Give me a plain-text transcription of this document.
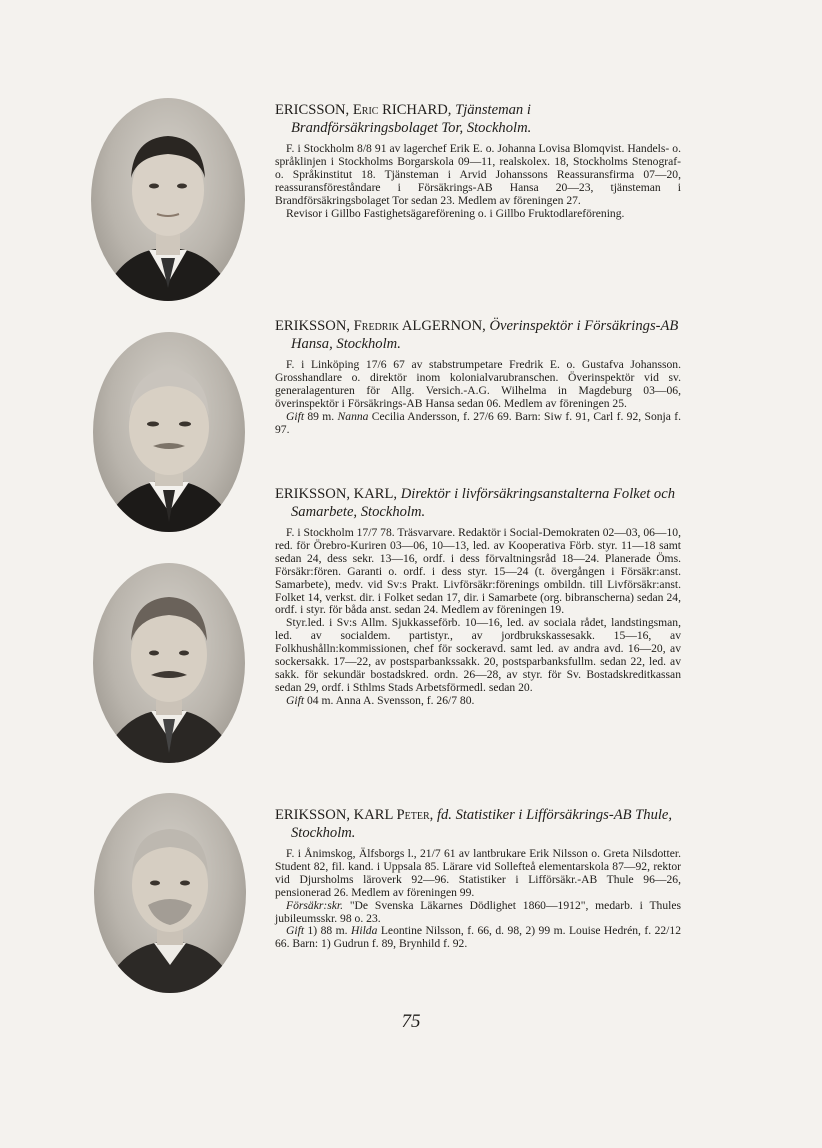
ERICSSON, Eric RICHARD, Tjänsteman i Brandförsäkringsbolaget Tor, Stockholm.

F. i Stockholm 8/8 91 av lagerchef Erik E. o. Johanna Lovisa Blomqvist. Handels- o. språklinjen i Stockholms Borgarskola 09—11, realskolex. 18, Stockholms Stenograf- o. Språkinstitut 18. Tjänsteman i Arvid Johanssons Reassuransfirma 07—20, reassuransföreståndare i Försäkrings-AB Hansa 20—23, tjänsteman i Brandförsäkringsbolaget Tor sedan 23. Medlem av föreningen 27.

Revisor i Gillbo Fastighetsägareförening o. i Gillbo Fruktodlareförening.

ERIKSSON, Fredrik ALGERNON, Överinspektör i Försäkrings-AB Hansa, Stockholm.

F. i Linköping 17/6 67 av stabstrumpetare Fredrik E. o. Gustafva Johansson. Grosshandlare o. direktör inom kolonialvarubranschen. Överinspektör vid sv. generalagenturen för Allg. Versich.-A.G. Wilhelma in Magdeburg 03—06, överinspektör i Försäkrings-AB Hansa sedan 06. Medlem av föreningen 25.

Gift 89 m. Nanna Cecilia Andersson, f. 27/6 69. Barn: Siw f. 91, Carl f. 92, Sonja f. 97.

ERIKSSON, KARL, Direktör i livförsäkringsanstalterna Folket och Samarbete, Stockholm.

F. i Stockholm 17/7 78. Träsvarvare. Redaktör i Social-Demokraten 02—03, 06—10, red. för Örebro-Kuriren 03—06, 10—13, led. av Kooperativa Förb. styr. 11—18 samt sedan 24, dess sekr. 13—16, ordf. i dess förvaltningsråd 18—24. Planerade Öms. Försäkr:fören. Garanti o. ordf. i dess styr. 15—24 (t. övergången i Försäkr:anst. Samarbete), medv. vid Sv:s Prakt. Livförsäkr:förenings ombildn. till Livförsäkr:anst. Folket 14, verkst. dir. i Folket sedan 17, dir. i Samarbete (org. bibranscherna) sedan 24, ordf. i styr. för båda anst. sedan 24. Medlem av föreningen 19.

Styr.led. i Sv:s Allm. Sjukkasseförb. 10—16, led. av sociala rådet, landstingsman, led. av socialdem. partistyr., av jordbrukskassesakk. 15—16, av Folkhushålln:kommissionen, chef för sockeravd. samt led. av andra avd. 16—20, av sockersakk. 17—22, av postsparbankssakk. 20, postsparbanksfullm. sedan 22, led. av sakk. för sekundär bostadskred. ordn. 26—28, av styr. för Sv. Bostadskreditkassan sedan 29, ordf. i Sthlms Stads Arbetsförmedl. sedan 20.

Gift 04 m. Anna A. Svensson, f. 26/7 80.

ERIKSSON, KARL Peter, fd. Statistiker i Lifförsäkrings-AB Thule, Stockholm.

F. i Ånimskog, Älfsborgs l., 21/7 61 av lantbrukare Erik Nilsson o. Greta Nilsdotter. Student 82, fil. kand. i Uppsala 85. Lärare vid Sollefteå elementarskola 87—92, rektor vid Djursholms läroverk 92—96. Statistiker i Lifförsäkr.-AB Thule 96—26, pensionerad 26. Medlem av föreningen 99.

Försäkr:skr. "De Svenska Läkarnes Dödlighet 1860—1912", medarb. i Thules jubileumsskr. 98 o. 23.

Gift 1) 88 m. Hilda Leontine Nilsson, f. 66, d. 98, 2) 99 m. Louise Hedrén, f. 22/12 66. Barn: 1) Gudrun f. 89, Brynhild f. 92.

75
